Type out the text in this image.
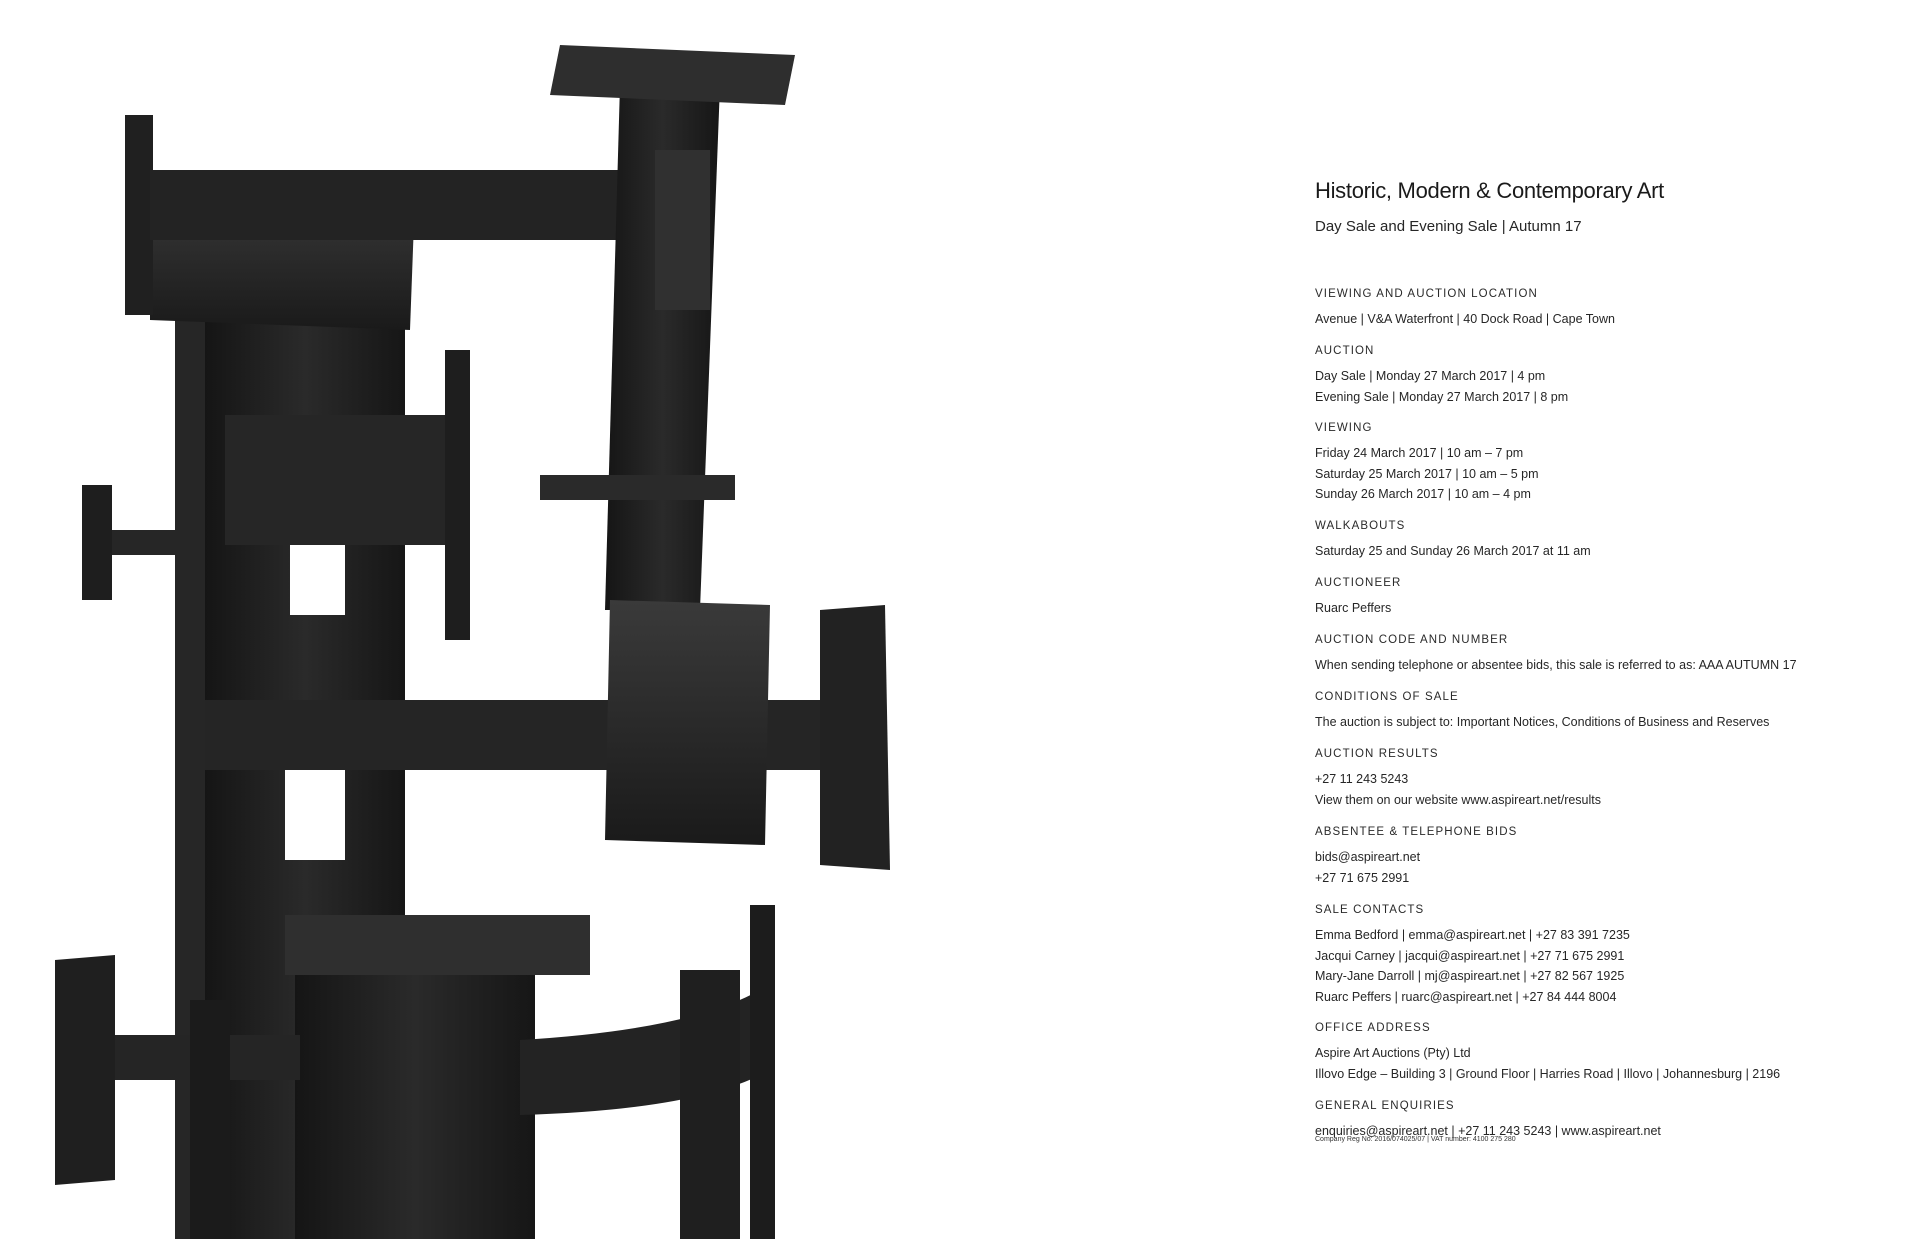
Historic, Modern & Contemporary Art
Day Sale and Evening Sale | Autumn 17
VIEWING AND AUCTION LOCATION
Avenue | V&A Waterfront | 40 Dock Road | Cape Town
AUCTION
Day Sale | Monday 27 March 2017 | 4 pm
Evening Sale | Monday 27 March 2017 | 8 pm
VIEWING
Friday 24 March 2017 | 10 am – 7 pm
Saturday 25 March 2017 | 10 am – 5 pm
Sunday 26 March 2017 | 10 am – 4 pm
WALKABOUTS
Saturday 25 and Sunday 26 March 2017 at 11 am
AUCTIONEER
Ruarc Peffers
AUCTION CODE AND NUMBER
When sending telephone or absentee bids, this sale is referred to as: AAA AUTUMN 17
CONDITIONS OF SALE
The auction is subject to: Important Notices, Conditions of Business and Reserves
AUCTION RESULTS
+27 11 243 5243
View them on our website www.aspireart.net/results
ABSENTEE & TELEPHONE BIDS
bids@aspireart.net
+27 71 675 2991
SALE CONTACTS
Emma Bedford | emma@aspireart.net | +27 83 391 7235
Jacqui Carney | jacqui@aspireart.net | +27 71 675 2991
Mary-Jane Darroll | mj@aspireart.net | +27 82 567 1925
Ruarc Peffers | ruarc@aspireart.net | +27 84 444 8004
OFFICE ADDRESS
Aspire Art Auctions (Pty) Ltd
Illovo Edge – Building 3 | Ground Floor | Harries Road | Illovo | Johannesburg | 2196
GENERAL ENQUIRIES
enquiries@aspireart.net | +27 11 243 5243 | www.aspireart.net
Company Reg No: 2016/074025/07 | VAT number: 4100 275 280
